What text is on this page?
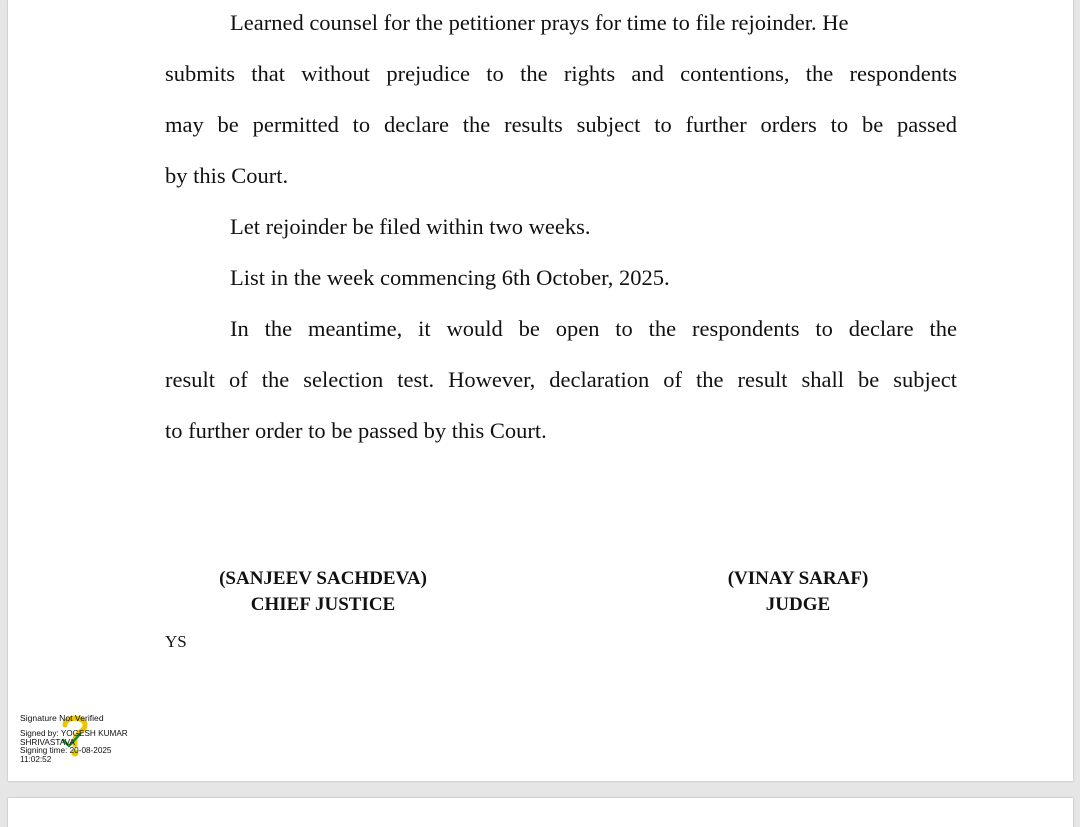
Learned counsel for the petitioner prays for time to file rejoinder. He
submits that without prejudice to the rights and contentions, the respondents
may be permitted to declare the results subject to further orders to be passed
by this Court.
Let rejoinder be filed within two weeks.
List in the week commencing 6th October, 2025.
In the meantime, it would be open to the respondents to declare the
result of the selection test. However, declaration of the result shall be subject
to further order to be passed by this Court.
(SANJEEV SACHDEVA)
CHIEF JUSTICE
(VINAY SARAF)
JUDGE
YS
Signature Not Verified
Signed by: YOGESH KUMAR SHRIVASTAVA
Signing time: 20-08-2025 11:02:52
